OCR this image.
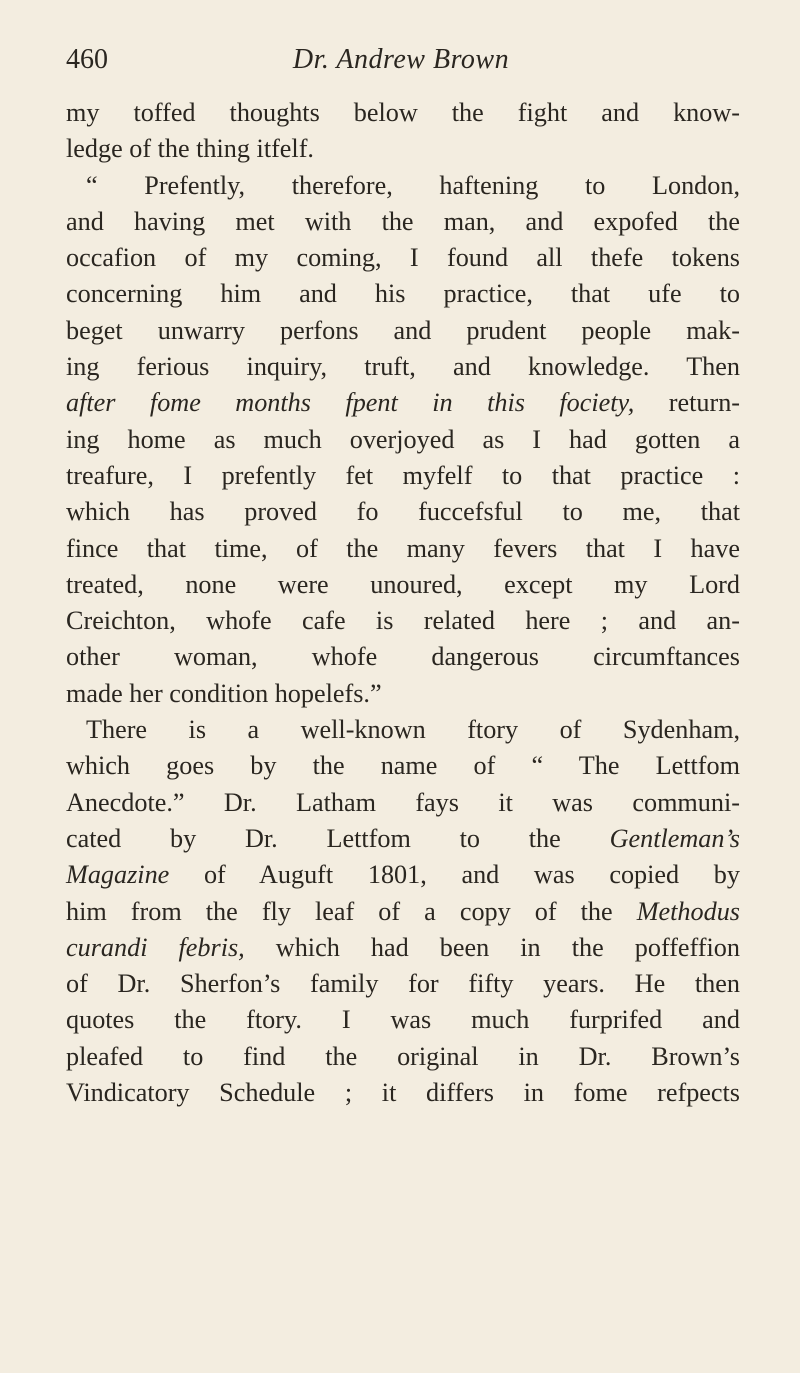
460	Dr. Andrew Brown
my toffed thoughts below the fight and know-
ledge of the thing itfelf.
“ Prefently, therefore, haftening to London,
and having met with the man, and expofed the
occafion of my coming, I found all thefe tokens
concerning him and his practice, that ufe to
beget unwarry perfons and prudent people mak-
ing ferious inquiry, truft, and knowledge. Then
after fome months fpent in this fociety, return-
ing home as much overjoyed as I had gotten a
treafure, I prefently fet myfelf to that practice :
which has proved fo fuccefsful to me, that
fince that time, of the many fevers that I have
treated, none were unoured, except my Lord
Creichton, whofe cafe is related here ; and an-
other woman, whofe dangerous circumftances
made her condition hopelefs.”
There is a well-known ftory of Sydenham,
which goes by the name of “ The Lettfom
Anecdote.” Dr. Latham fays it was communi-
cated by Dr. Lettfom to the Gentleman’s
Magazine of Auguft 1801, and was copied by
him from the fly leaf of a copy of the Methodus
curandi febris, which had been in the poffeffion
of Dr. Sherfon’s family for fifty years. He then
quotes the ftory. I was much furprifed and
pleafed to find the original in Dr. Brown’s
Vindicatory Schedule ; it differs in fome refpects
